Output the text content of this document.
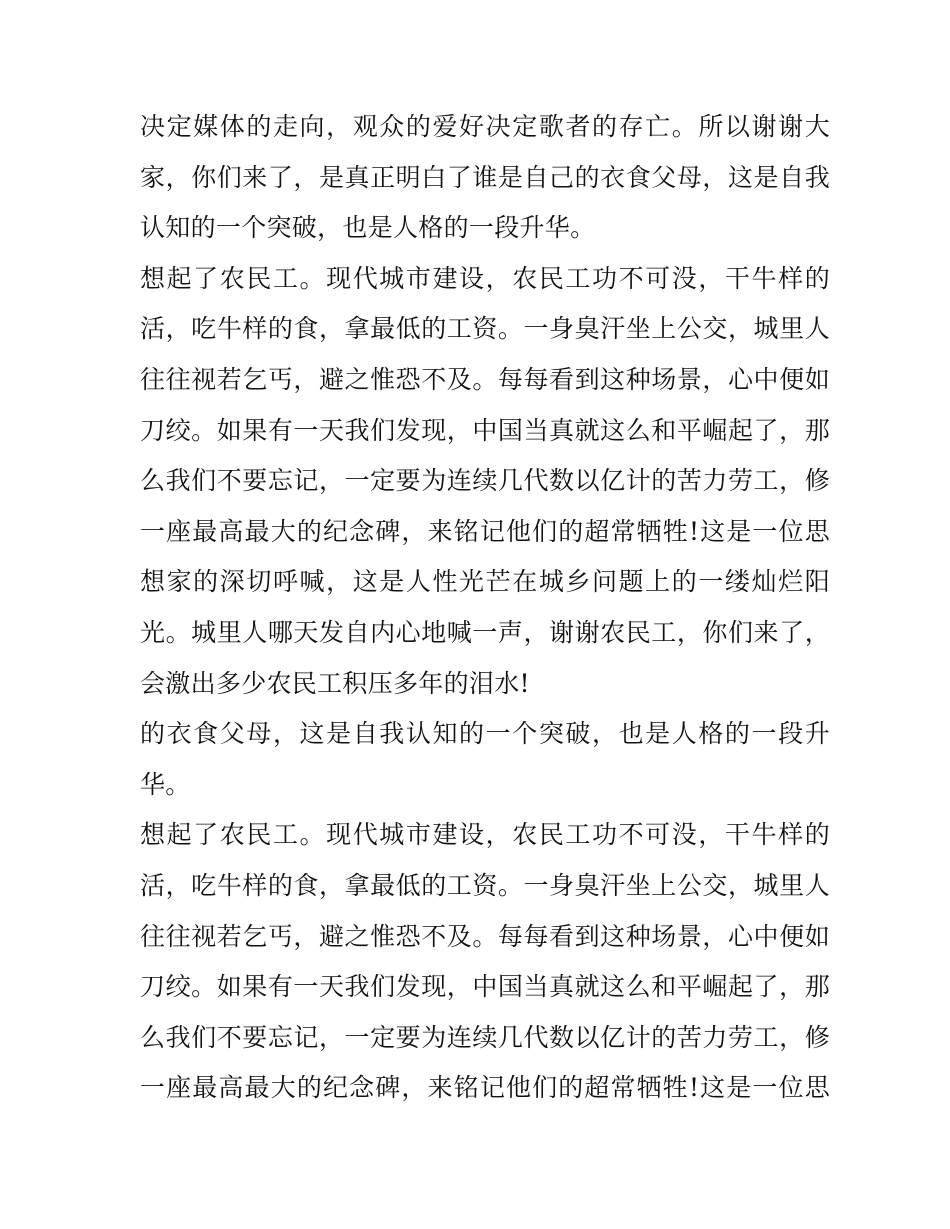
决定媒体的走向，观众的爱好决定歌者的存亡。所以谢谢大
家，你们来了，是真正明白了谁是自己的衣食父母，这是自我
认知的一个突破，也是人格的一段升华。
想起了农民工。现代城市建设，农民工功不可没，干牛样的
活，吃牛样的食，拿最低的工资。一身臭汗坐上公交，城里人
往往视若乞丐，避之惟恐不及。每每看到这种场景，心中便如
刀绞。如果有一天我们发现，中国当真就这么和平崛起了，那
么我们不要忘记，一定要为连续几代数以亿计的苦力劳工，修
一座最高最大的纪念碑，来铭记他们的超常牺牲!这是一位思
想家的深切呼喊，这是人性光芒在城乡问题上的一缕灿烂阳
光。城里人哪天发自内心地喊一声，谢谢农民工，你们来了，
会激出多少农民工积压多年的泪水!
的衣食父母，这是自我认知的一个突破，也是人格的一段升
华。
想起了农民工。现代城市建设，农民工功不可没，干牛样的
活，吃牛样的食，拿最低的工资。一身臭汗坐上公交，城里人
往往视若乞丐，避之惟恐不及。每每看到这种场景，心中便如
刀绞。如果有一天我们发现，中国当真就这么和平崛起了，那
么我们不要忘记，一定要为连续几代数以亿计的苦力劳工，修
一座最高最大的纪念碑，来铭记他们的超常牺牲!这是一位思
